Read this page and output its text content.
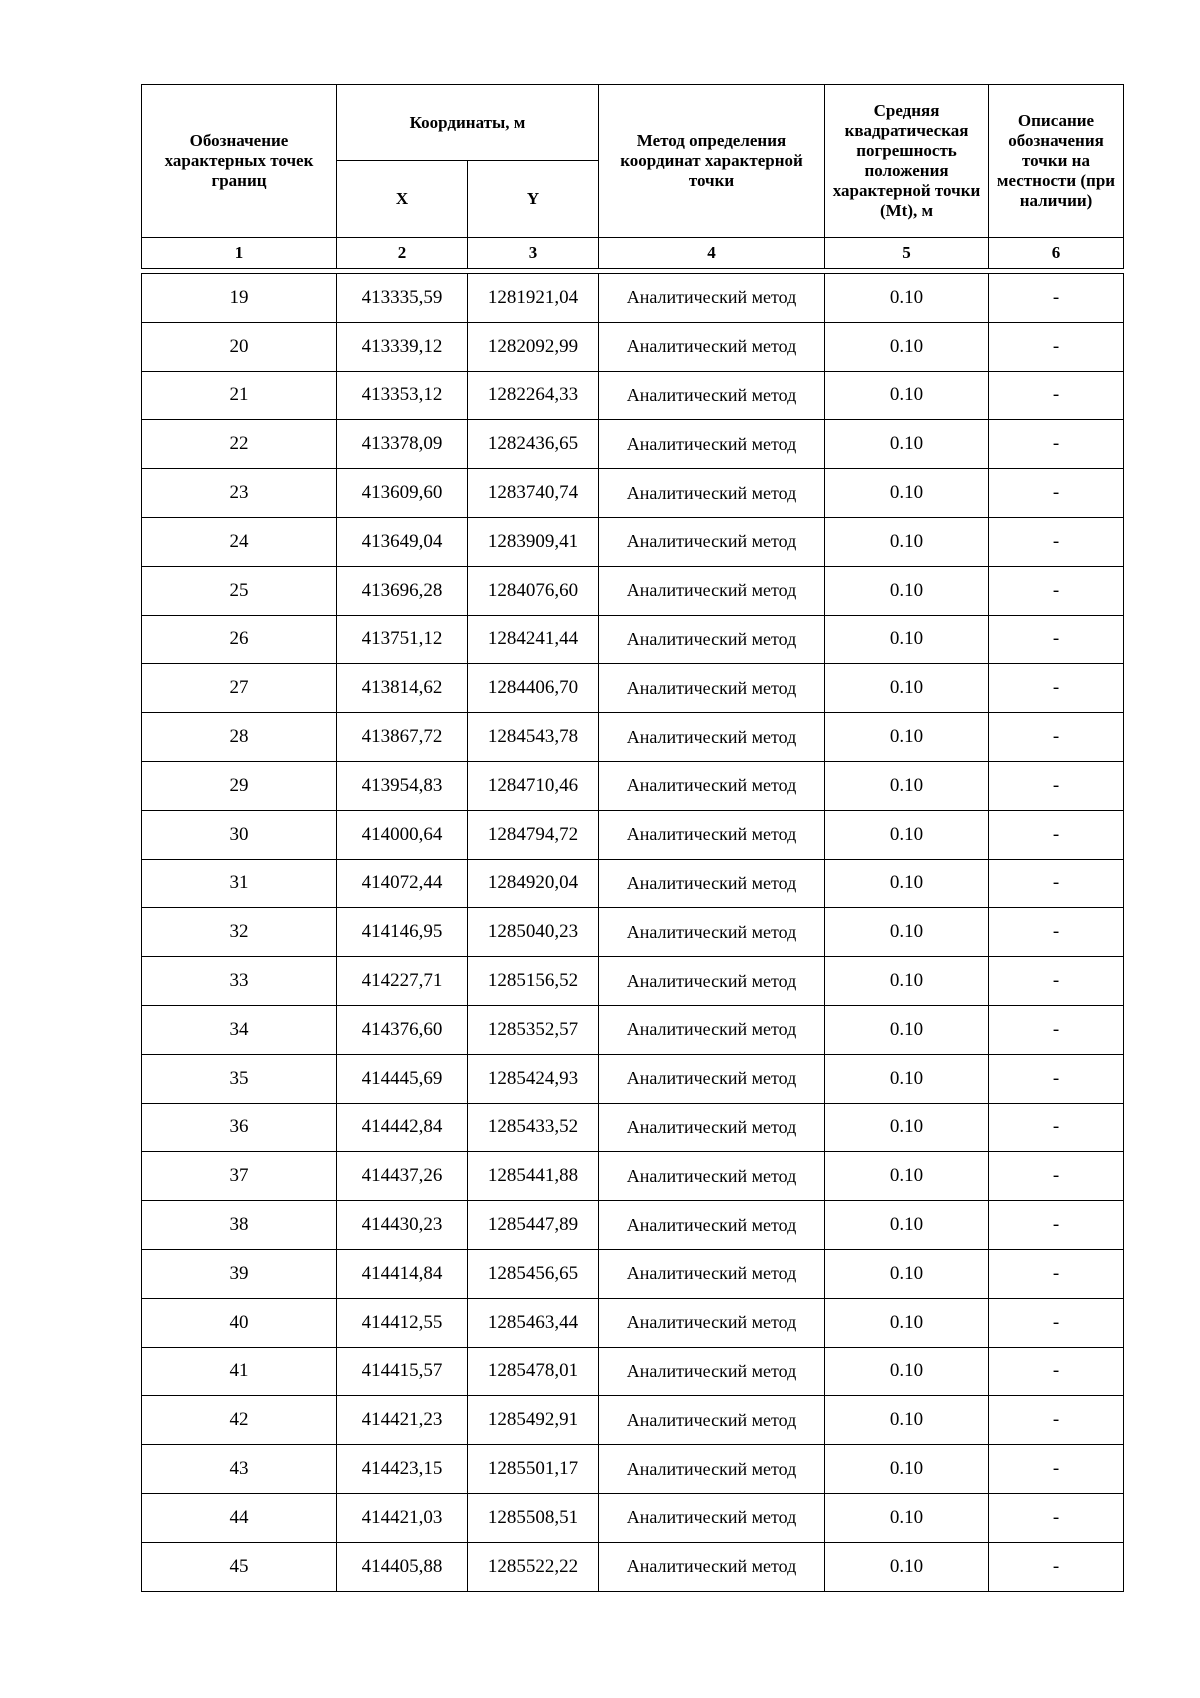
Обозначение характерных точек границ	Координаты, м		Метод определения координат характерной точки	Средняя квадратическая погрешность положения характерной точки (Mt), м	Описание обозначения точки на местности (при наличии)
	X	Y			
1	2	3	4	5	6

19	413335,59	1281921,04	Аналитический метод	0.10	-
20	413339,12	1282092,99	Аналитический метод	0.10	-
21	413353,12	1282264,33	Аналитический метод	0.10	-
22	413378,09	1282436,65	Аналитический метод	0.10	-
23	413609,60	1283740,74	Аналитический метод	0.10	-
24	413649,04	1283909,41	Аналитический метод	0.10	-
25	413696,28	1284076,60	Аналитический метод	0.10	-
26	413751,12	1284241,44	Аналитический метод	0.10	-
27	413814,62	1284406,70	Аналитический метод	0.10	-
28	413867,72	1284543,78	Аналитический метод	0.10	-
29	413954,83	1284710,46	Аналитический метод	0.10	-
30	414000,64	1284794,72	Аналитический метод	0.10	-
31	414072,44	1284920,04	Аналитический метод	0.10	-
32	414146,95	1285040,23	Аналитический метод	0.10	-
33	414227,71	1285156,52	Аналитический метод	0.10	-
34	414376,60	1285352,57	Аналитический метод	0.10	-
35	414445,69	1285424,93	Аналитический метод	0.10	-
36	414442,84	1285433,52	Аналитический метод	0.10	-
37	414437,26	1285441,88	Аналитический метод	0.10	-
38	414430,23	1285447,89	Аналитический метод	0.10	-
39	414414,84	1285456,65	Аналитический метод	0.10	-
40	414412,55	1285463,44	Аналитический метод	0.10	-
41	414415,57	1285478,01	Аналитический метод	0.10	-
42	414421,23	1285492,91	Аналитический метод	0.10	-
43	414423,15	1285501,17	Аналитический метод	0.10	-
44	414421,03	1285508,51	Аналитический метод	0.10	-
45	414405,88	1285522,22	Аналитический метод	0.10	-
